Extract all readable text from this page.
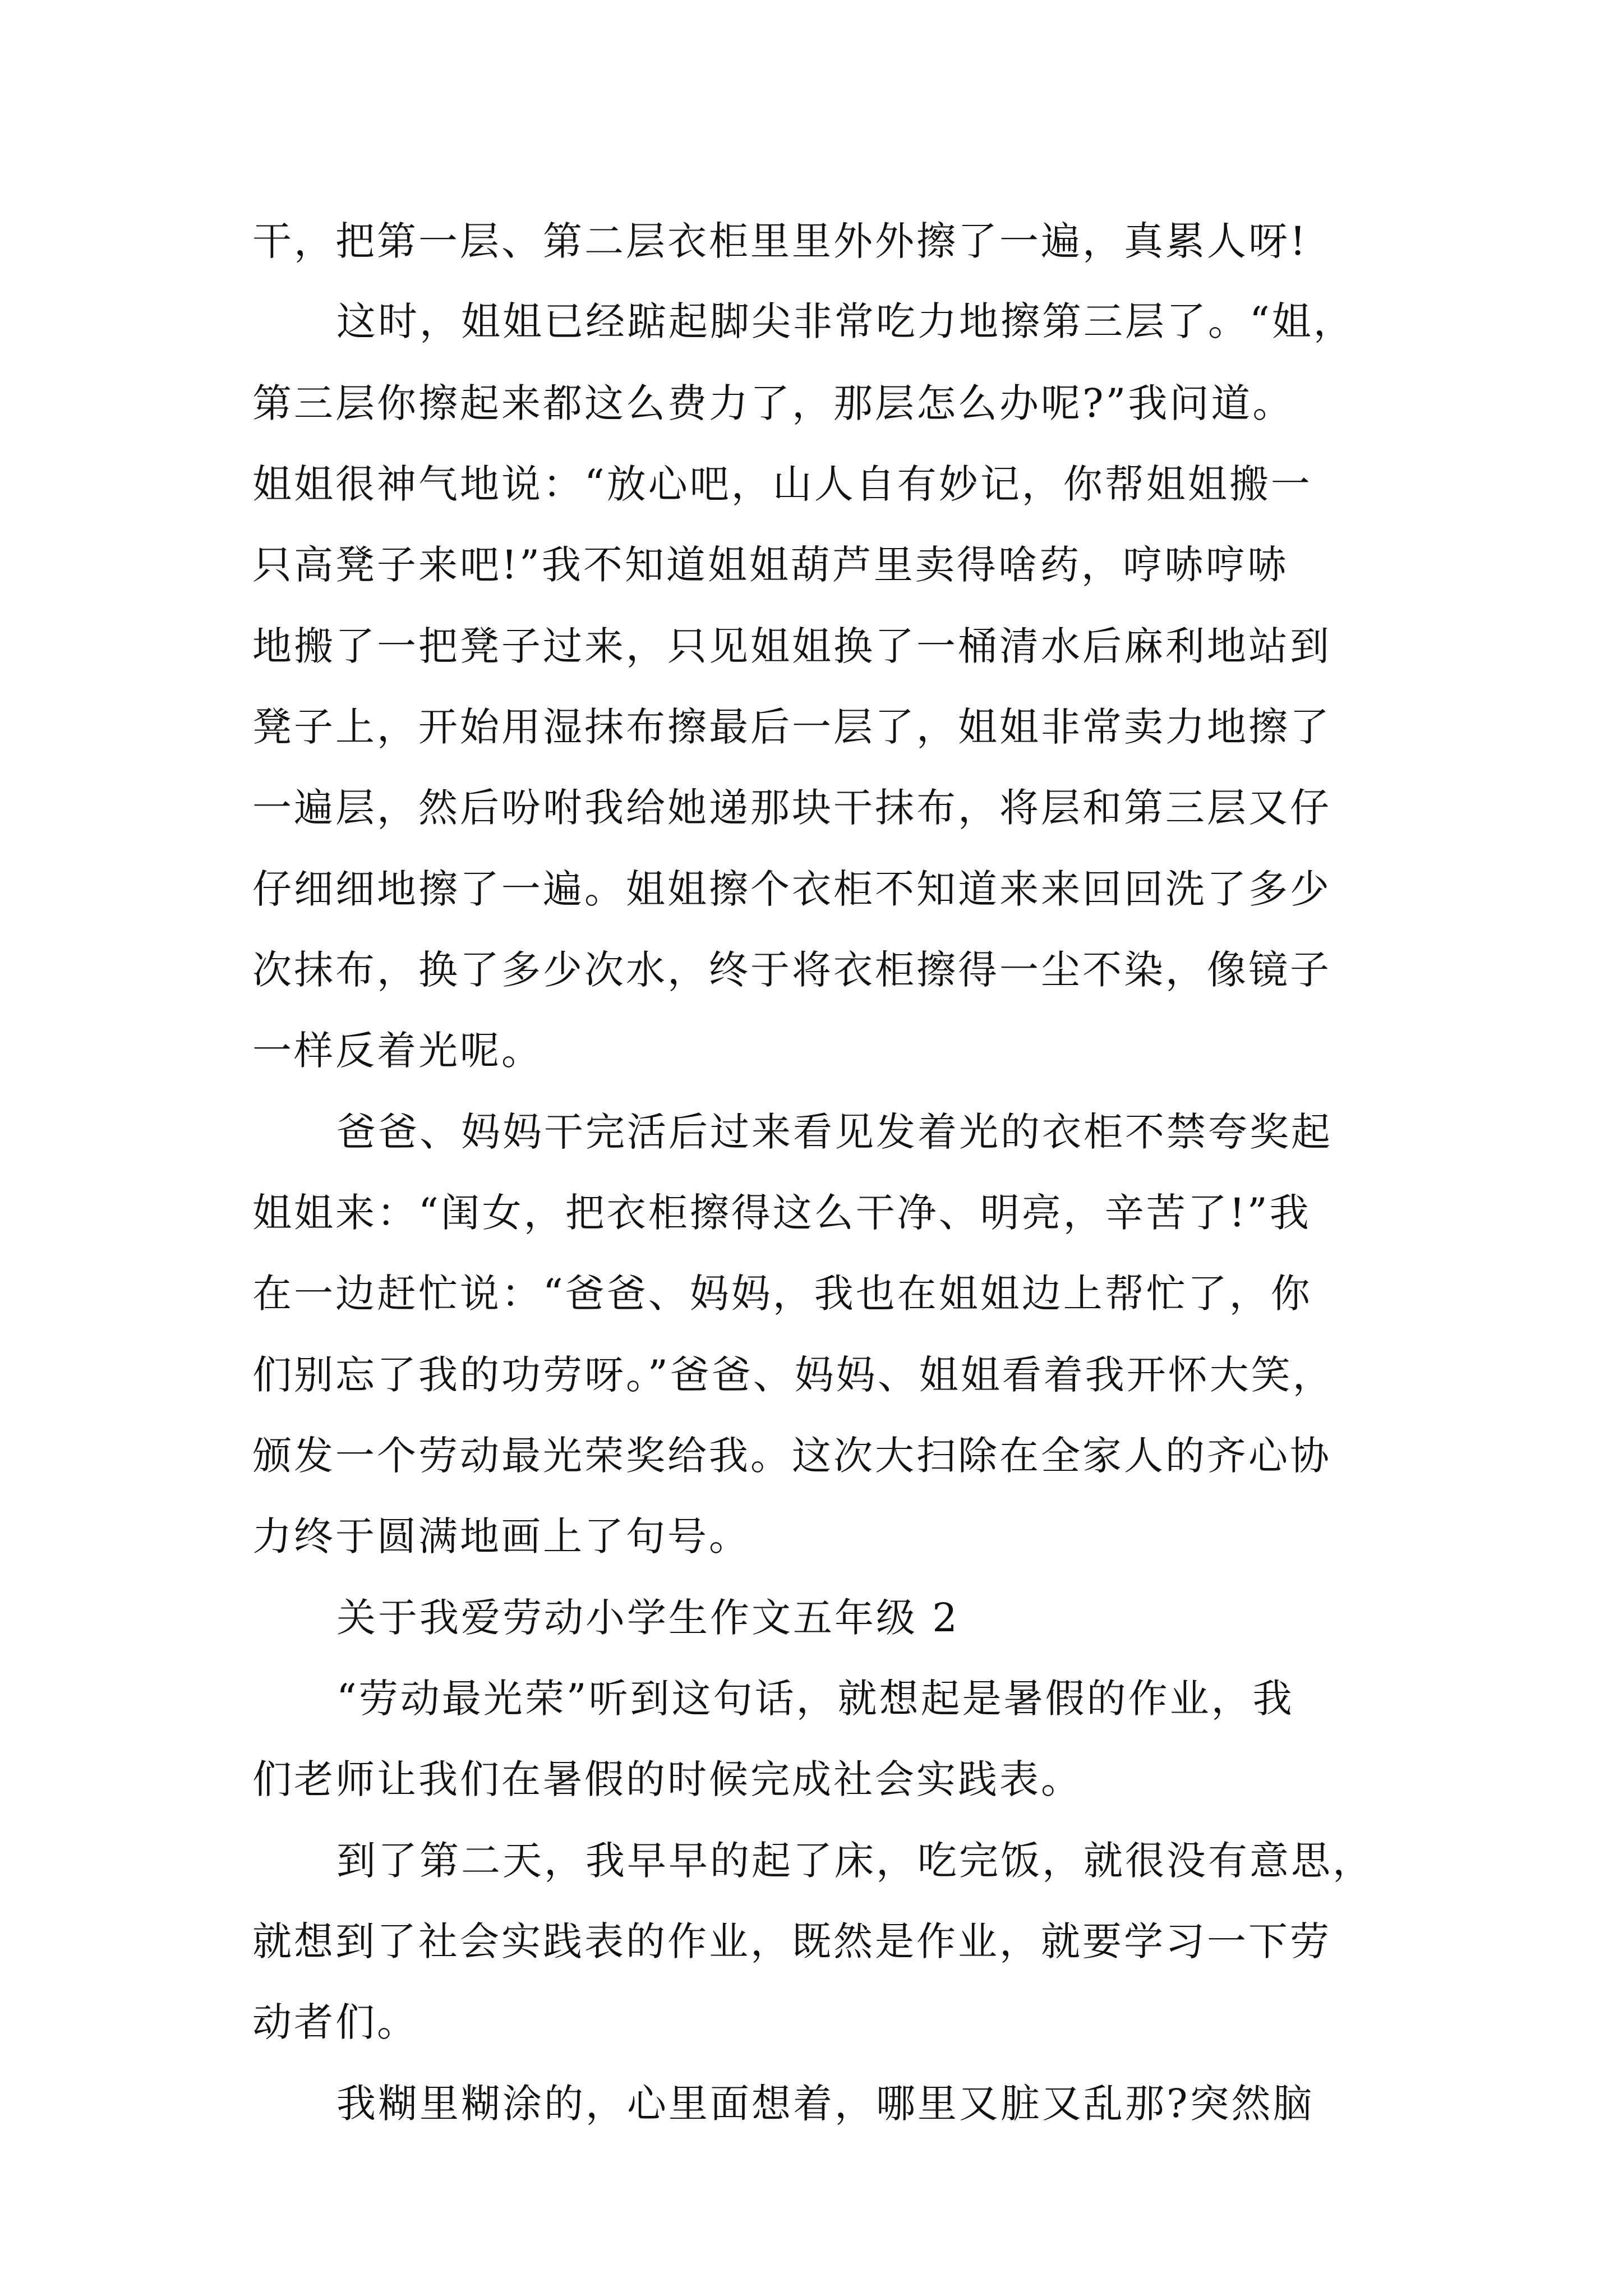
干，把第一层、第二层衣柜里里外外擦了一遍，真累人呀!
这时，姐姐已经踮起脚尖非常吃力地擦第三层了。“姐，
第三层你擦起来都这么费力了，那层怎么办呢?”我问道。
姐姐很神气地说：“放心吧，山人自有妙记，你帮姐姐搬一
只高凳子来吧!”我不知道姐姐葫芦里卖得啥药，哼哧哼哧
地搬了一把凳子过来，只见姐姐换了一桶清水后麻利地站到
凳子上，开始用湿抹布擦最后一层了，姐姐非常卖力地擦了
一遍层，然后吩咐我给她递那块干抹布，将层和第三层又仔
仔细细地擦了一遍。姐姐擦个衣柜不知道来来回回洗了多少
次抹布，换了多少次水，终于将衣柜擦得一尘不染，像镜子
一样反着光呢。
爸爸、妈妈干完活后过来看见发着光的衣柜不禁夸奖起
姐姐来：“闺女，把衣柜擦得这么干净、明亮，辛苦了!”我
在一边赶忙说：“爸爸、妈妈，我也在姐姐边上帮忙了，你
们别忘了我的功劳呀。”爸爸、妈妈、姐姐看着我开怀大笑，
颁发一个劳动最光荣奖给我。这次大扫除在全家人的齐心协
力终于圆满地画上了句号。
关于我爱劳动小学生作文五年级 2
“劳动最光荣”听到这句话，就想起是暑假的作业，我
们老师让我们在暑假的时候完成社会实践表。
到了第二天，我早早的起了床，吃完饭，就很没有意思，
就想到了社会实践表的作业，既然是作业，就要学习一下劳
动者们。
我糊里糊涂的，心里面想着，哪里又脏又乱那?突然脑
